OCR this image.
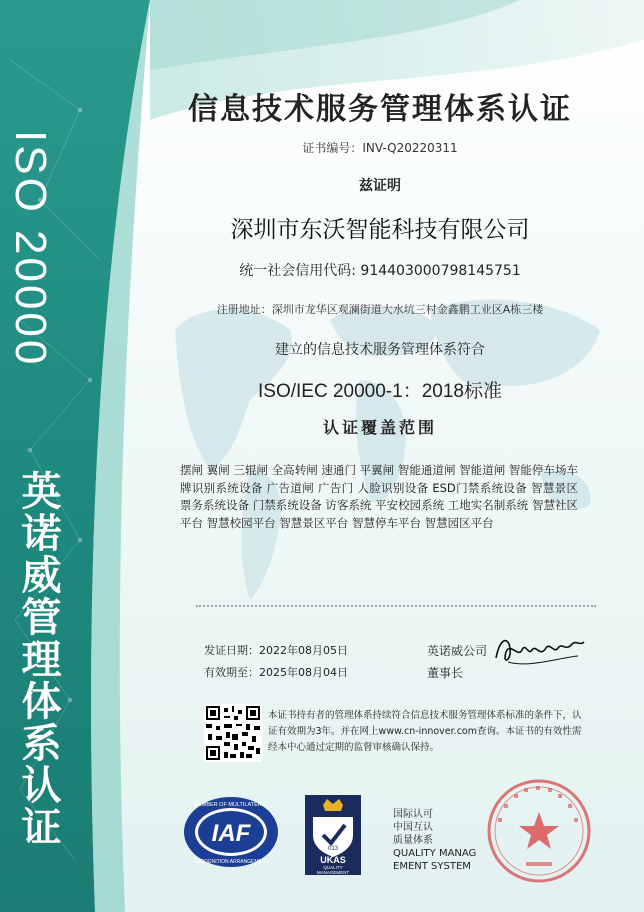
ISO 20000
英诺威管理体系认证
信息技术服务管理体系认证
证书编号：INV-Q20220311
兹证明
深圳市东沃智能科技有限公司
统一社会信用代码: 914403000798145751
注册地址：深圳市龙华区观澜街道大水坑三村金鑫鹏工业区A栋三楼
建立的信息技术服务管理体系符合
ISO/IEC 20000-1：2018标准
认证覆盖范围
摆闸 翼闸 三辊闸 全高转闸 速通门 平翼闸 智能通道闸 智能道闸 智能停车场车牌识别系统设备 广告道闸 广告门 人脸识别设备 ESD门禁系统设备 智慧景区票务系统设备 门禁系统设备 访客系统 平安校园系统 工地实名制系统 智慧社区平台 智慧校园平台 智慧景区平台 智慧停车平台 智慧园区平台
发证日期：2022年08月05日
有效期至：2025年08月04日
英诺威公司
董事长
本证书持有者的管理体系持续符合信息技术服务管理体系标准的条件下，认证有效期为3年。并在网上www.cn-innover.com查询。本证书的有效性需经本中心通过定期的监督审核确认保持。
IAF
MEMBER OF MULTILATERAL
RECOGNITION ARRANGEMENT
013
UKAS
QUALITY
MANAGEMENT
国际认可
中国互认
质量体系
QUALITY MANAG
EMENT SYSTEM
